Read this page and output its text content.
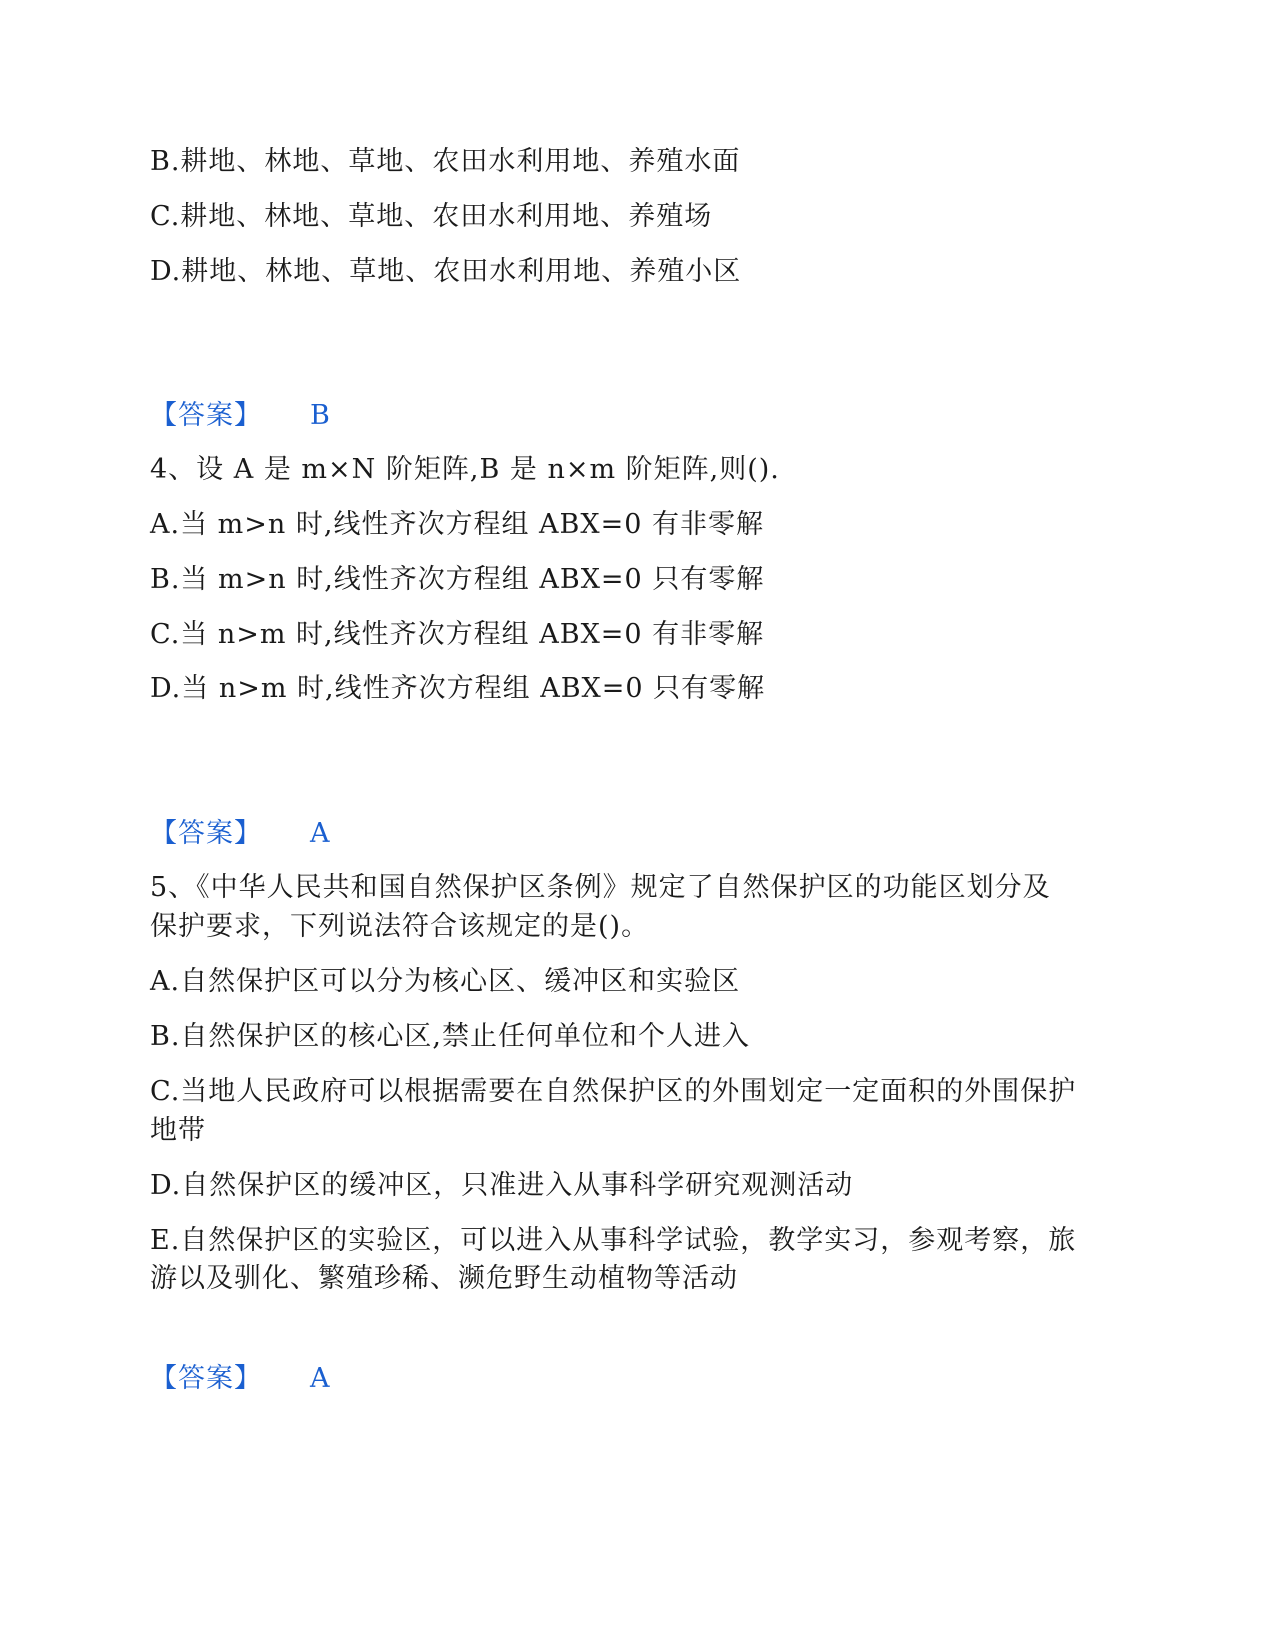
B.耕地、林地、草地、农田水利用地、养殖水面
C.耕地、林地、草地、农田水利用地、养殖场
D.耕地、林地、草地、农田水利用地、养殖小区
【答案】 B
4、设 A 是 m×N 阶矩阵,B 是 n×m 阶矩阵,则().
A.当 m>n 时,线性齐次方程组 ABX=0 有非零解
B.当 m>n 时,线性齐次方程组 ABX=0 只有零解
C.当 n>m 时,线性齐次方程组 ABX=0 有非零解
D.当 n>m 时,线性齐次方程组 ABX=0 只有零解
【答案】 A
5、《中华人民共和国自然保护区条例》规定了自然保护区的功能区划分及
保护要求，下列说法符合该规定的是()。
A.自然保护区可以分为核心区、缓冲区和实验区
B.自然保护区的核心区,禁止任何单位和个人进入
C.当地人民政府可以根据需要在自然保护区的外围划定一定面积的外围保护
地带
D.自然保护区的缓冲区，只准进入从事科学研究观测活动
E.自然保护区的实验区，可以进入从事科学试验，教学实习，参观考察，旅
游以及驯化、繁殖珍稀、濒危野生动植物等活动
【答案】 A
